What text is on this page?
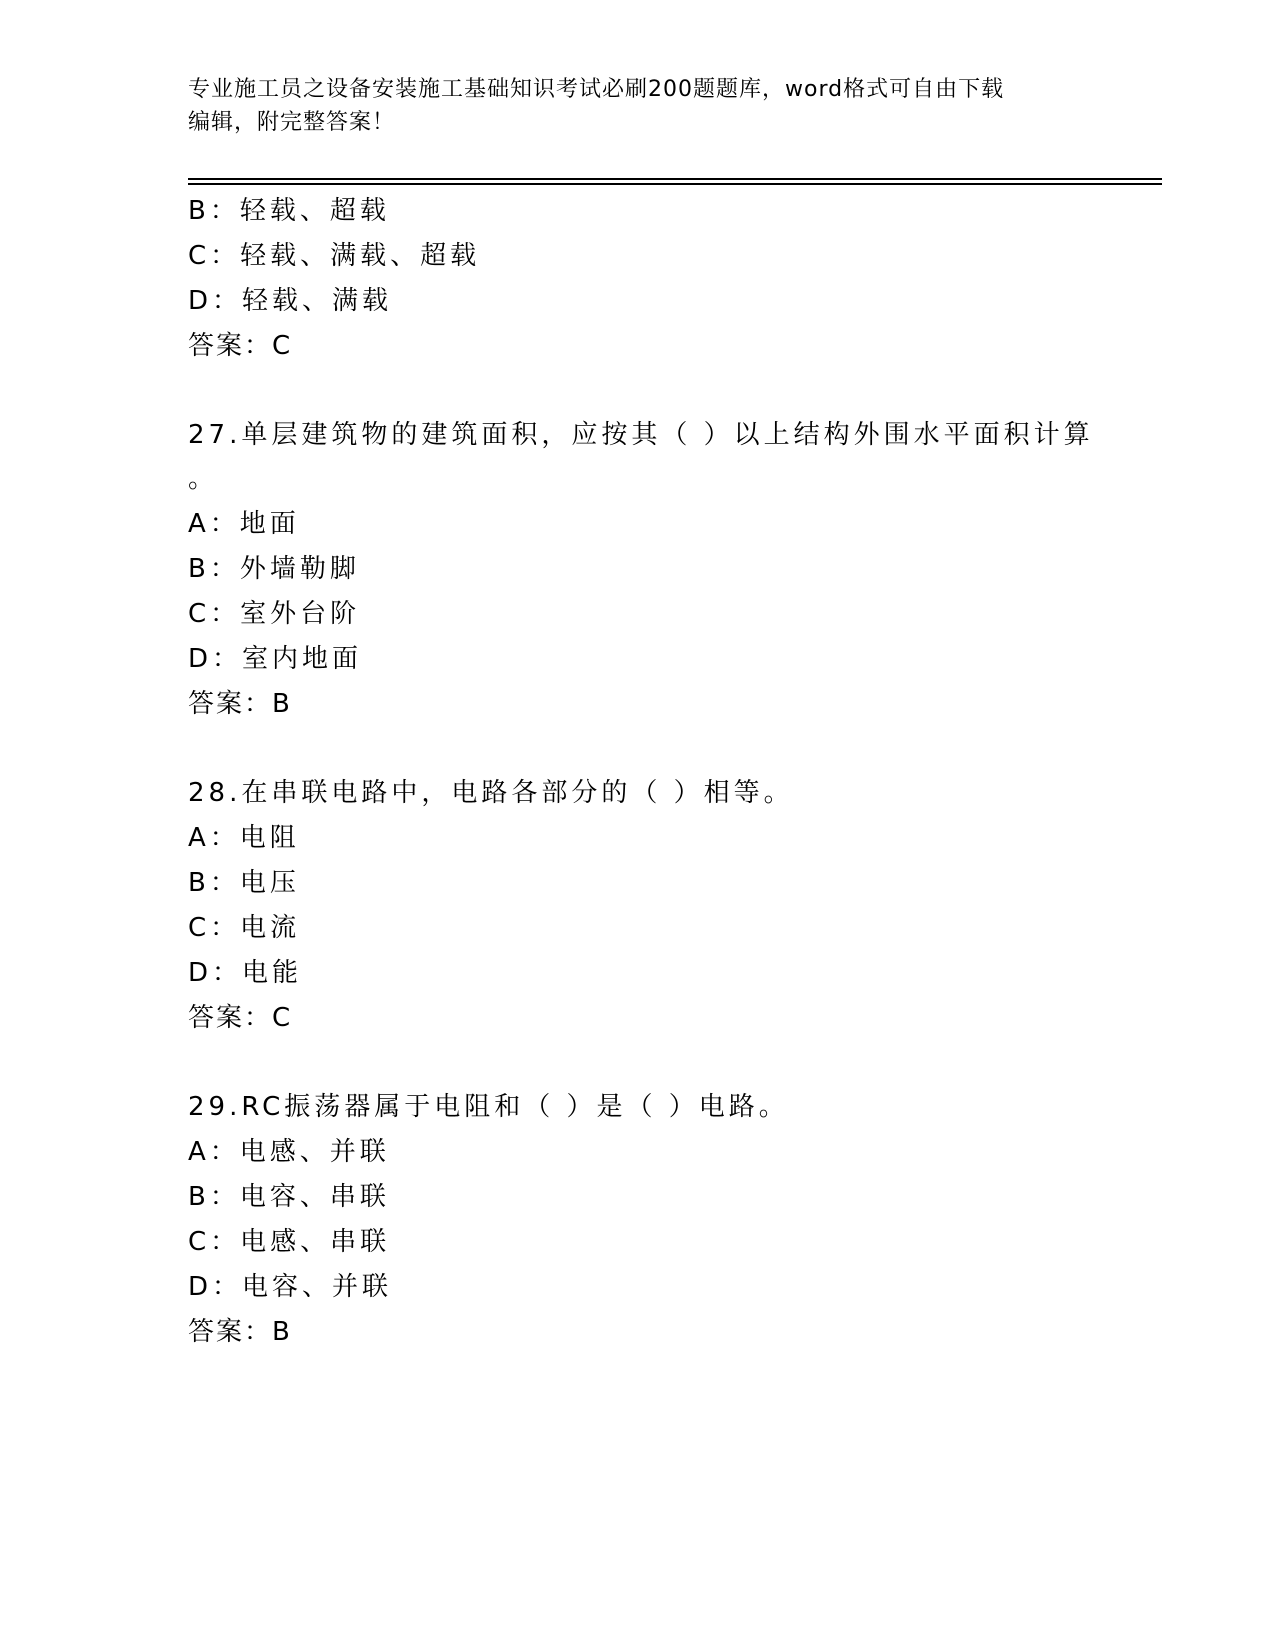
专业施工员之设备安装施工基础知识考试必刷200题题库，word格式可自由下载
编辑，附完整答案！
B：轻载、超载
C：轻载、满载、超载
D：轻载、满载
答案：C
27.单层建筑物的建筑面积，应按其（ ）以上结构外围水平面积计算
。
A：地面
B：外墙勒脚
C：室外台阶
D：室内地面
答案：B
28.在串联电路中，电路各部分的（ ）相等。
A：电阻
B：电压
C：电流
D：电能
答案：C
29.RC振荡器属于电阻和（ ）是（ ）电路。
A：电感、并联
B：电容、串联
C：电感、串联
D：电容、并联
答案：B
